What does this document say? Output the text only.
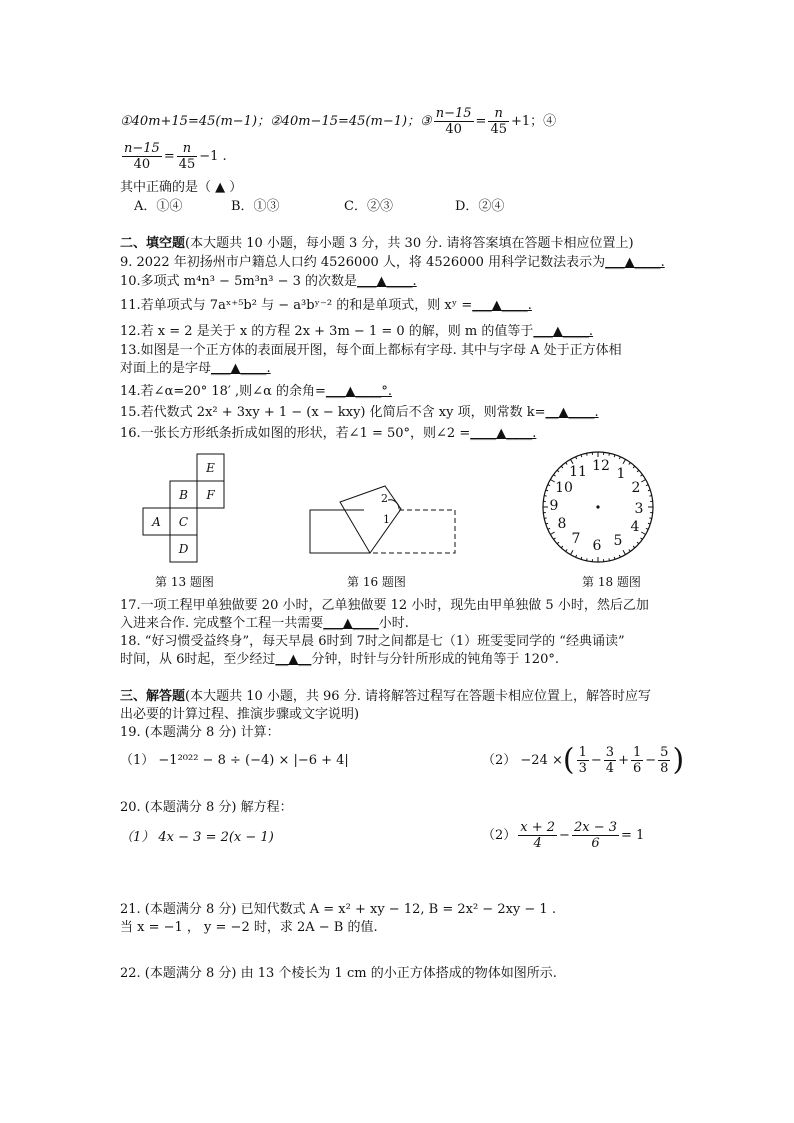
①40m+15=45(m−1)；②40m−15=45(m−1)；③ $\frac{n-15}{40} = \frac{n}{45} +1$；④
$\frac{n-15}{40} = \frac{n}{45} -1$ .
其中正确的是（ ▲ ）
A．①④	B．①③	C．②③	D．②④
二、填空题(本大题共 10 小题，每小题 3 分，共 30 分. 请将答案填在答题卡相应位置上)
9. 2022 年初扬州市户籍总人口约 4526000 人，将 4526000 用科学记数法表示为___▲____.
10.多项式 m⁴n³ − 5m³n³ − 3 的次数是___▲____.
11.若单项式与 7aˣ⁺⁵b² 与 − a³bʸ⁻² 的和是单项式，则 xʸ =___▲____.
12.若 x = 2 是关于 x 的方程 2x + 3m − 1 = 0 的解，则 m 的值等于___▲____.
13.如图是一个正方体的表面展开图，每个面上都标有字母. 其中与字母 A 处于正方体相
对面上的是字母___▲____.
14.若∠α=20° 18′ ,则∠α 的余角=___▲____°.
15.若代数式 2x² + 3xy + 1 − (x − kxy) 化简后不含 xy 项，则常数 k=__▲____.
16.一张长方形纸条折成如图的形状，若∠1 = 50°，则∠2 =____▲____.
E
B F
A C
D
2
1
12 1
2
3
4
5
6
7
8
9
10
11
第 13 题图	第 16 题图	第 18 题图
17.一项工程甲单独做要 20 小时，乙单独做要 12 小时，现先由甲单独做 5 小时，然后乙加
入进来合作. 完成整个工程一共需要___▲____小时.
18. “好习惯受益终身”，每天早晨 6时到 7时之间都是七（1）班雯雯同学的 “经典诵读”
时间，从 6时起，至少经过__▲__分钟，时针与分针所形成的钝角等于 120°.
三、解答题(本大题共 10 小题，共 96 分. 请将解答过程写在答题卡相应位置上，解答时应写
出必要的计算过程、推演步骤或文字说明)
19. (本题满分 8 分) 计算：
（1） −1²⁰²² − 8 ÷ (−4) × |−6 + 4|	（2） −24 ×( $\frac{1}{3} - \frac{3}{4} + \frac{1}{6} - \frac{5}{8}$ )
20. (本题满分 8 分) 解方程：
（1） 4x − 3 = 2(x − 1)	$(2) \frac{x + 2}{4} - \frac{2x - 3}{6} = 1$
21. (本题满分 8 分) 已知代数式 A = x² + xy − 12, B = 2x² − 2xy − 1 .
当 x = −1 ， y = −2 时，求 2A − B 的值.
22. (本题满分 8 分) 由 13 个棱长为 1 cm 的小正方体搭成的物体如图所示.
